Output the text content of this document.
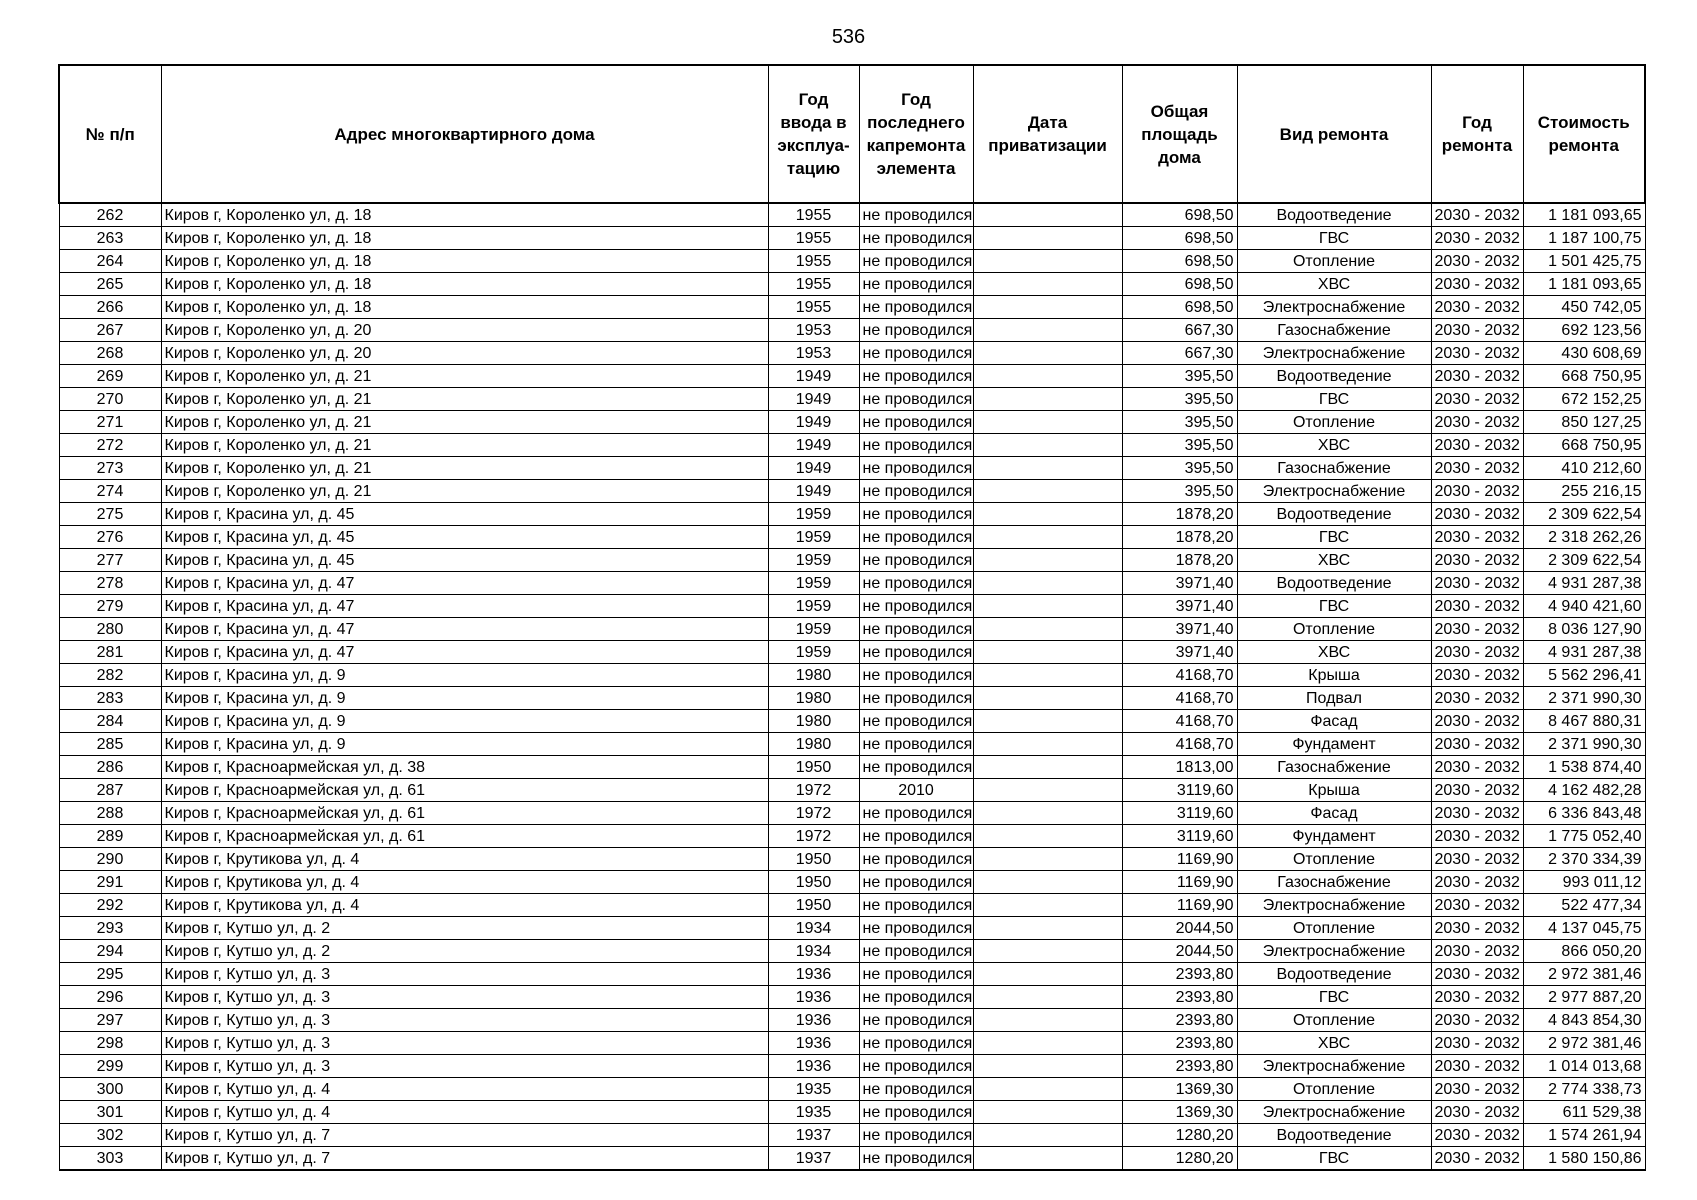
536
№ п/п	Адрес многоквартирного дома	Год ввода в эксплуа-тацию	Год последнего капремонта элемента	Дата приватизации	Общая площадь дома	Вид ремонта	Год ремонта	Стоимость ремонта
262	Киров г, Короленко ул, д. 18	1955	не проводился		698,50	Водоотведение	2030 - 2032	1 181 093,65
263	Киров г, Короленко ул, д. 18	1955	не проводился		698,50	ГВС	2030 - 2032	1 187 100,75
264	Киров г, Короленко ул, д. 18	1955	не проводился		698,50	Отопление	2030 - 2032	1 501 425,75
265	Киров г, Короленко ул, д. 18	1955	не проводился		698,50	ХВС	2030 - 2032	1 181 093,65
266	Киров г, Короленко ул, д. 18	1955	не проводился		698,50	Электроснабжение	2030 - 2032	450 742,05
267	Киров г, Короленко ул, д. 20	1953	не проводился		667,30	Газоснабжение	2030 - 2032	692 123,56
268	Киров г, Короленко ул, д. 20	1953	не проводился		667,30	Электроснабжение	2030 - 2032	430 608,69
269	Киров г, Короленко ул, д. 21	1949	не проводился		395,50	Водоотведение	2030 - 2032	668 750,95
270	Киров г, Короленко ул, д. 21	1949	не проводился		395,50	ГВС	2030 - 2032	672 152,25
271	Киров г, Короленко ул, д. 21	1949	не проводился		395,50	Отопление	2030 - 2032	850 127,25
272	Киров г, Короленко ул, д. 21	1949	не проводился		395,50	ХВС	2030 - 2032	668 750,95
273	Киров г, Короленко ул, д. 21	1949	не проводился		395,50	Газоснабжение	2030 - 2032	410 212,60
274	Киров г, Короленко ул, д. 21	1949	не проводился		395,50	Электроснабжение	2030 - 2032	255 216,15
275	Киров г, Красина ул, д. 45	1959	не проводился		1878,20	Водоотведение	2030 - 2032	2 309 622,54
276	Киров г, Красина ул, д. 45	1959	не проводился		1878,20	ГВС	2030 - 2032	2 318 262,26
277	Киров г, Красина ул, д. 45	1959	не проводился		1878,20	ХВС	2030 - 2032	2 309 622,54
278	Киров г, Красина ул, д. 47	1959	не проводился		3971,40	Водоотведение	2030 - 2032	4 931 287,38
279	Киров г, Красина ул, д. 47	1959	не проводился		3971,40	ГВС	2030 - 2032	4 940 421,60
280	Киров г, Красина ул, д. 47	1959	не проводился		3971,40	Отопление	2030 - 2032	8 036 127,90
281	Киров г, Красина ул, д. 47	1959	не проводился		3971,40	ХВС	2030 - 2032	4 931 287,38
282	Киров г, Красина ул, д. 9	1980	не проводился		4168,70	Крыша	2030 - 2032	5 562 296,41
283	Киров г, Красина ул, д. 9	1980	не проводился		4168,70	Подвал	2030 - 2032	2 371 990,30
284	Киров г, Красина ул, д. 9	1980	не проводился		4168,70	Фасад	2030 - 2032	8 467 880,31
285	Киров г, Красина ул, д. 9	1980	не проводился		4168,70	Фундамент	2030 - 2032	2 371 990,30
286	Киров г, Красноармейская ул, д. 38	1950	не проводился		1813,00	Газоснабжение	2030 - 2032	1 538 874,40
287	Киров г, Красноармейская ул, д. 61	1972	2010		3119,60	Крыша	2030 - 2032	4 162 482,28
288	Киров г, Красноармейская ул, д. 61	1972	не проводился		3119,60	Фасад	2030 - 2032	6 336 843,48
289	Киров г, Красноармейская ул, д. 61	1972	не проводился		3119,60	Фундамент	2030 - 2032	1 775 052,40
290	Киров г, Крутикова ул, д. 4	1950	не проводился		1169,90	Отопление	2030 - 2032	2 370 334,39
291	Киров г, Крутикова ул, д. 4	1950	не проводился		1169,90	Газоснабжение	2030 - 2032	993 011,12
292	Киров г, Крутикова ул, д. 4	1950	не проводился		1169,90	Электроснабжение	2030 - 2032	522 477,34
293	Киров г, Кутшо ул, д. 2	1934	не проводился		2044,50	Отопление	2030 - 2032	4 137 045,75
294	Киров г, Кутшо ул, д. 2	1934	не проводился		2044,50	Электроснабжение	2030 - 2032	866 050,20
295	Киров г, Кутшо ул, д. 3	1936	не проводился		2393,80	Водоотведение	2030 - 2032	2 972 381,46
296	Киров г, Кутшо ул, д. 3	1936	не проводился		2393,80	ГВС	2030 - 2032	2 977 887,20
297	Киров г, Кутшо ул, д. 3	1936	не проводился		2393,80	Отопление	2030 - 2032	4 843 854,30
298	Киров г, Кутшо ул, д. 3	1936	не проводился		2393,80	ХВС	2030 - 2032	2 972 381,46
299	Киров г, Кутшо ул, д. 3	1936	не проводился		2393,80	Электроснабжение	2030 - 2032	1 014 013,68
300	Киров г, Кутшо ул, д. 4	1935	не проводился		1369,30	Отопление	2030 - 2032	2 774 338,73
301	Киров г, Кутшо ул, д. 4	1935	не проводился		1369,30	Электроснабжение	2030 - 2032	611 529,38
302	Киров г, Кутшо ул, д. 7	1937	не проводился		1280,20	Водоотведение	2030 - 2032	1 574 261,94
303	Киров г, Кутшо ул, д. 7	1937	не проводился		1280,20	ГВС	2030 - 2032	1 580 150,86
